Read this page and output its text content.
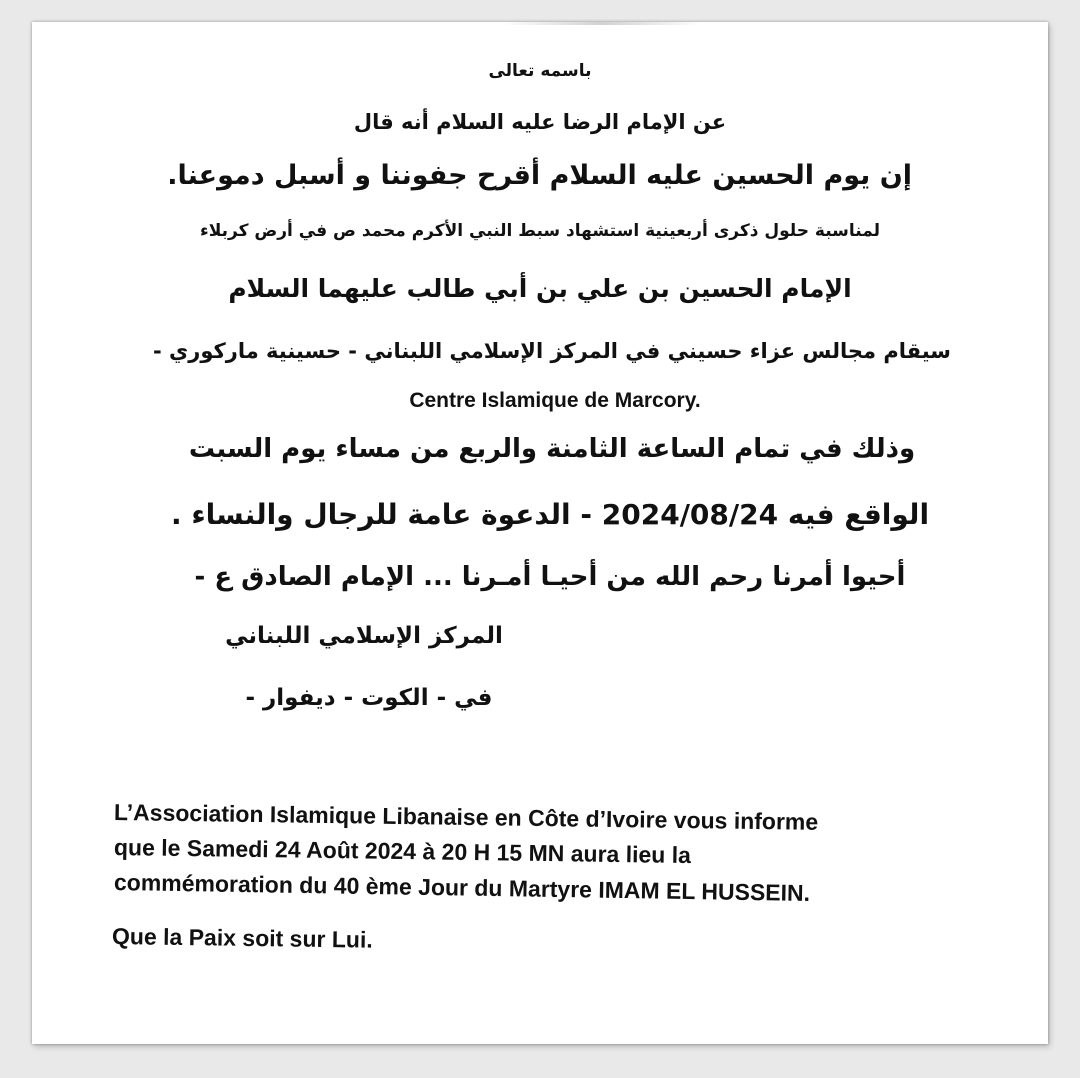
باسمه تعالى
عن الإمام الرضا عليه السلام أنه قال
إن يوم الحسين عليه السلام أقرح جفوننا و أسبل دموعنا.
لمناسبة حلول ذكرى أربعينية استشهاد سبط النبي الأكرم محمد ص في أرض كربلاء
الإمام الحسين بن علي بن أبي طالب عليهما السلام
سيقام مجالس عزاء حسيني في المركز الإسلامي اللبناني - حسينية ماركوري -
Centre Islamique de Marcory.
وذلك في تمام الساعة الثامنة والربع من مساء يوم السبت
الواقع فيه 2024/08/24 - الدعوة عامة للرجال والنساء .
أحيوا أمرنا رحم الله من أحيـا أمـرنا ... الإمام الصادق ع -
المركز الإسلامي اللبناني
في - الكوت - ديفوار -
L’Association Islamique Libanaise en Côte d’Ivoire vous informe
que le Samedi 24 Août 2024 à 20 H 15 MN aura lieu la
commémoration du 40 ème Jour du Martyre IMAM EL HUSSEIN.
Que la Paix soit sur Lui.
